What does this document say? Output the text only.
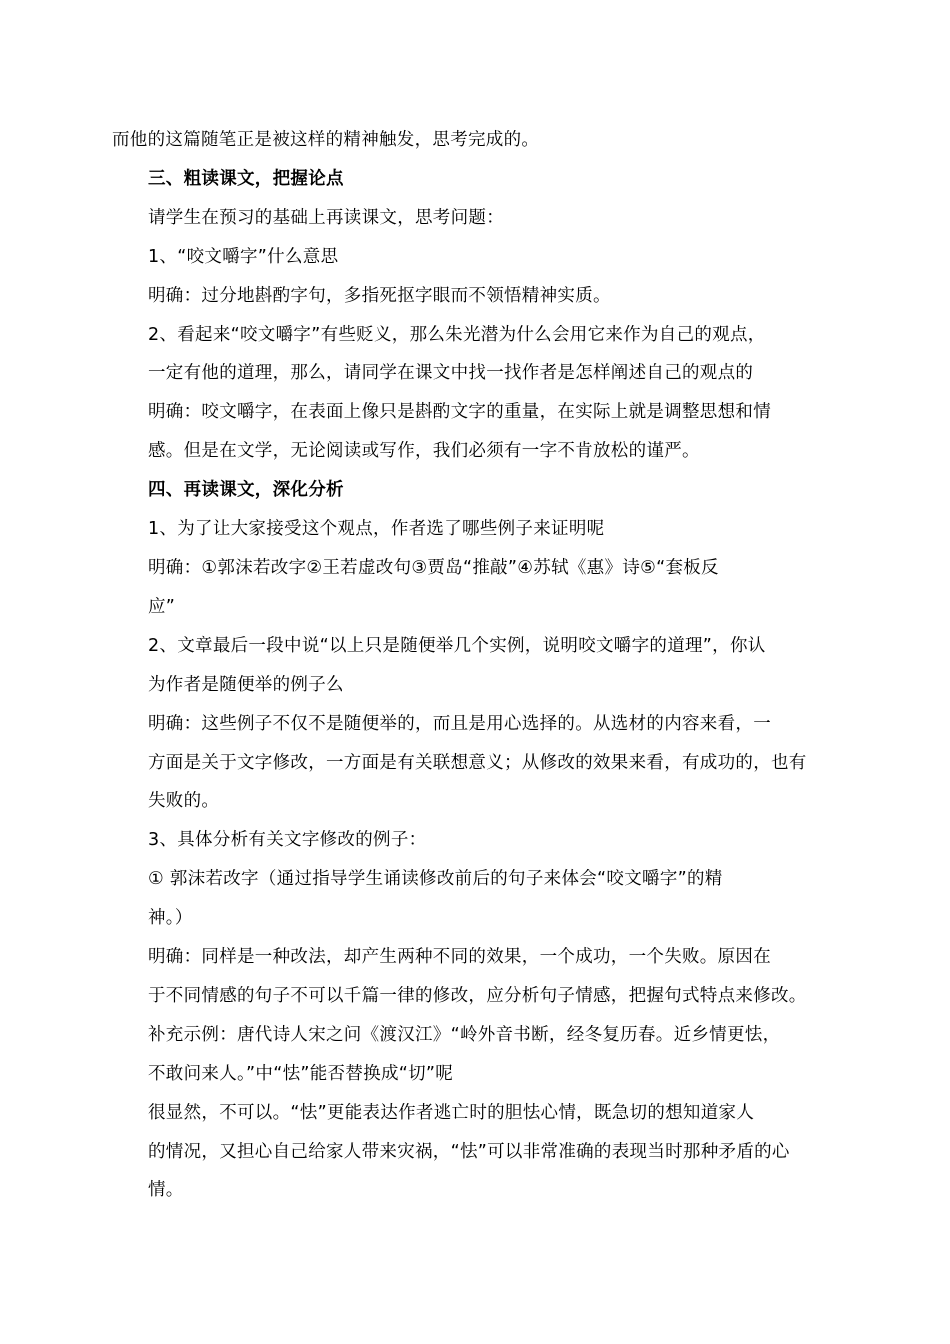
而他的这篇随笔正是被这样的精神触发，思考完成的。

三、粗读课文，把握论点

请学生在预习的基础上再读课文，思考问题：

1、“咬文嚼字”什么意思

明确：过分地斟酌字句，多指死抠字眼而不领悟精神实质。

2、看起来“咬文嚼字”有些贬义，那么朱光潜为什么会用它来作为自己的观点，
一定有他的道理，那么，请同学在课文中找一找作者是怎样阐述自己的观点的

明确：咬文嚼字，在表面上像只是斟酌文字的重量，在实际上就是调整思想和情
感。但是在文学，无论阅读或写作，我们必须有一字不肯放松的谨严。

四、再读课文，深化分析

1、为了让大家接受这个观点，作者选了哪些例子来证明呢

明确：①郭沫若改字②王若虚改句③贾岛“推敲”④苏轼《惠》诗⑤“套板反
应”

2、文章最后一段中说“以上只是随便举几个实例，说明咬文嚼字的道理”，你认
为作者是随便举的例子么

明确：这些例子不仅不是随便举的，而且是用心选择的。从选材的内容来看，一
方面是关于文字修改，一方面是有关联想意义；从修改的效果来看，有成功的，也有
失败的。

3、具体分析有关文字修改的例子：

① 郭沫若改字（通过指导学生诵读修改前后的句子来体会“咬文嚼字”的精
神。）

明确：同样是一种改法，却产生两种不同的效果，一个成功，一个失败。原因在
于不同情感的句子不可以千篇一律的修改，应分析句子情感，把握句式特点来修改。

补充示例：唐代诗人宋之问《渡汉江》“岭外音书断，经冬复历春。近乡情更怯，
不敢问来人。”中“怯”能否替换成“切”呢

很显然，不可以。“怯”更能表达作者逃亡时的胆怯心情，既急切的想知道家人
的情况，又担心自己给家人带来灾祸，“怯”可以非常准确的表现当时那种矛盾的心
情。
